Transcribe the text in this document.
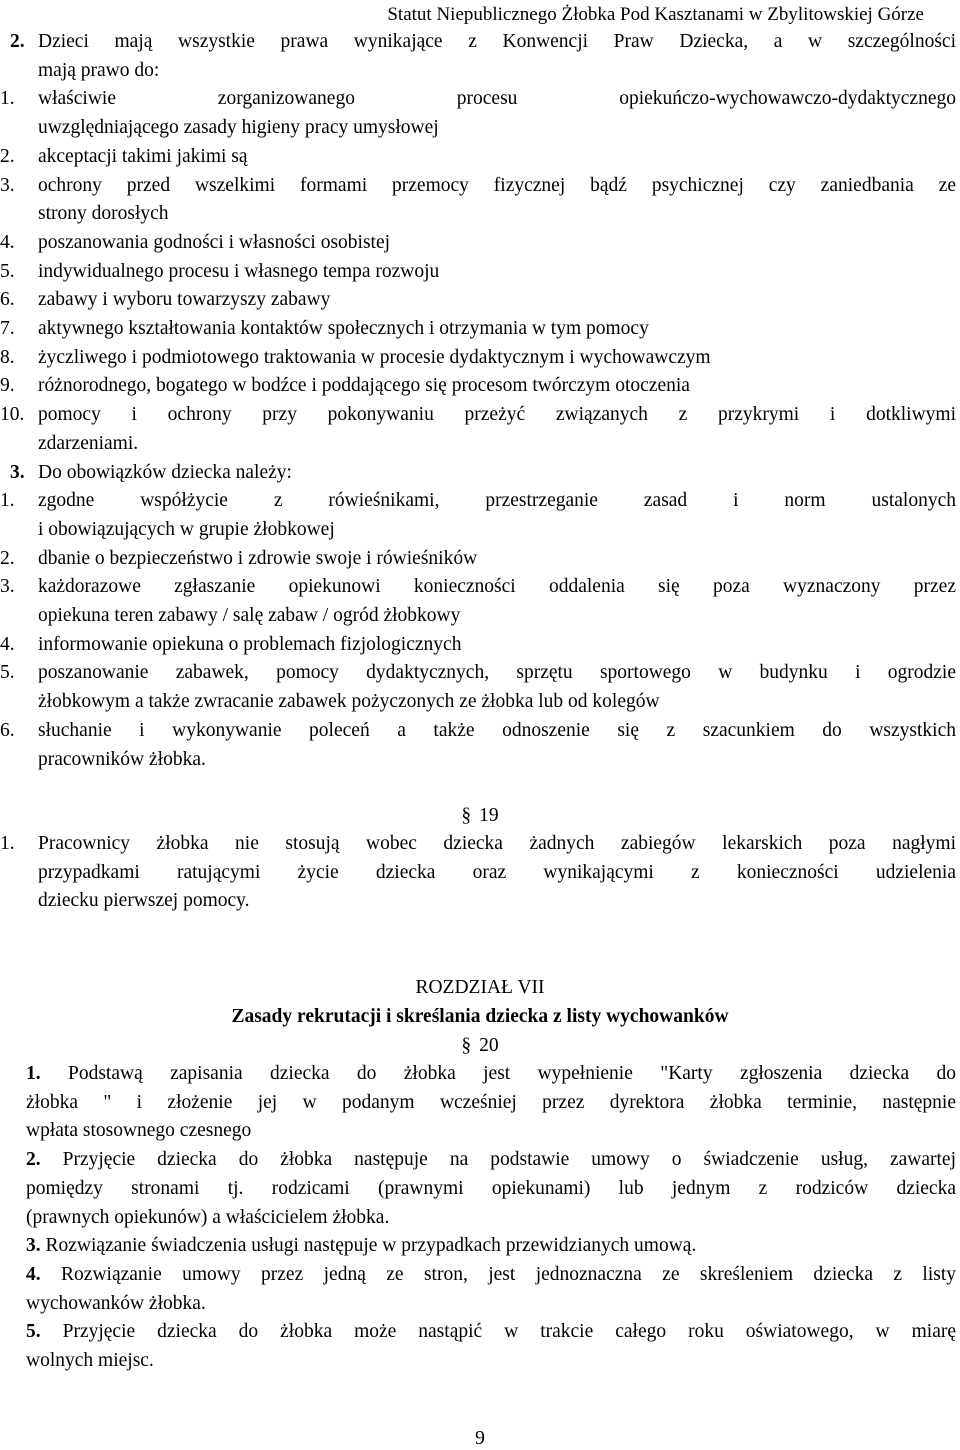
Statut Niepublicznego Żłobka Pod Kasztanami w Zbylitowskiej Górze
2. Dzieci mają wszystkie prawa wynikające z Konwencji Praw Dziecka, a w szczególności
mają prawo do:
1.	właściwie zorganizowanego procesu opiekuńczo-wychowawczo-dydaktycznego
uwzględniającego zasady higieny pracy umysłowej
2.	akceptacji takimi jakimi są
3.	ochrony przed wszelkimi formami przemocy fizycznej bądź psychicznej czy zaniedbania ze
strony dorosłych
4.	poszanowania godności i własności osobistej
5.	indywidualnego procesu i własnego tempa rozwoju
6.	zabawy i wyboru towarzyszy zabawy
7.	aktywnego kształtowania kontaktów społecznych i otrzymania w tym pomocy
8.	życzliwego i podmiotowego traktowania w procesie dydaktycznym i wychowawczym
9.	różnorodnego, bogatego w bodźce i poddającego się procesom twórczym otoczenia
10. pomocy i ochrony przy pokonywaniu przeżyć związanych z przykrymi i dotkliwymi
zdarzeniami.
3. Do obowiązków dziecka należy:
1.	zgodne współżycie z rówieśnikami, przestrzeganie zasad i norm ustalonych
i obowiązujących w grupie żłobkowej
2.	dbanie o bezpieczeństwo i zdrowie swoje i rówieśników
3.	każdorazowe zgłaszanie opiekunowi konieczności oddalenia się poza wyznaczony przez
opiekuna teren zabawy / salę zabaw / ogród żłobkowy
4.	informowanie opiekuna o problemach fizjologicznych
5.	poszanowanie zabawek, pomocy dydaktycznych, sprzętu sportowego w budynku i ogrodzie
żłobkowym a także zwracanie zabawek pożyczonych ze żłobka lub od kolegów
6.	słuchanie i wykonywanie poleceń a także odnoszenie się z szacunkiem do wszystkich
pracowników żłobka.
§ 19
1.	Pracownicy żłobka nie stosują wobec dziecka żadnych zabiegów lekarskich poza nagłymi
przypadkami ratującymi życie dziecka oraz wynikającymi z konieczności udzielenia
dziecku pierwszej pomocy.
ROZDZIAŁ VII
Zasady rekrutacji i skreślania dziecka z listy wychowanków
§ 20
1. Podstawą zapisania dziecka do żłobka jest wypełnienie "Karty zgłoszenia dziecka do
żłobka " i złożenie jej w podanym wcześniej przez dyrektora żłobka terminie, następnie
wpłata stosownego czesnego
2. Przyjęcie dziecka do żłobka następuje na podstawie umowy o świadczenie usług, zawartej
pomiędzy stronami tj. rodzicami (prawnymi opiekunami) lub jednym z rodziców dziecka
(prawnych opiekunów) a właścicielem żłobka.
3. Rozwiązanie świadczenia usługi następuje w przypadkach przewidzianych umową.
4. Rozwiązanie umowy przez jedną ze stron, jest jednoznaczna ze skreśleniem dziecka z listy
wychowanków żłobka.
5. Przyjęcie dziecka do żłobka może nastąpić w trakcie całego roku oświatowego, w miarę
wolnych miejsc.
9
